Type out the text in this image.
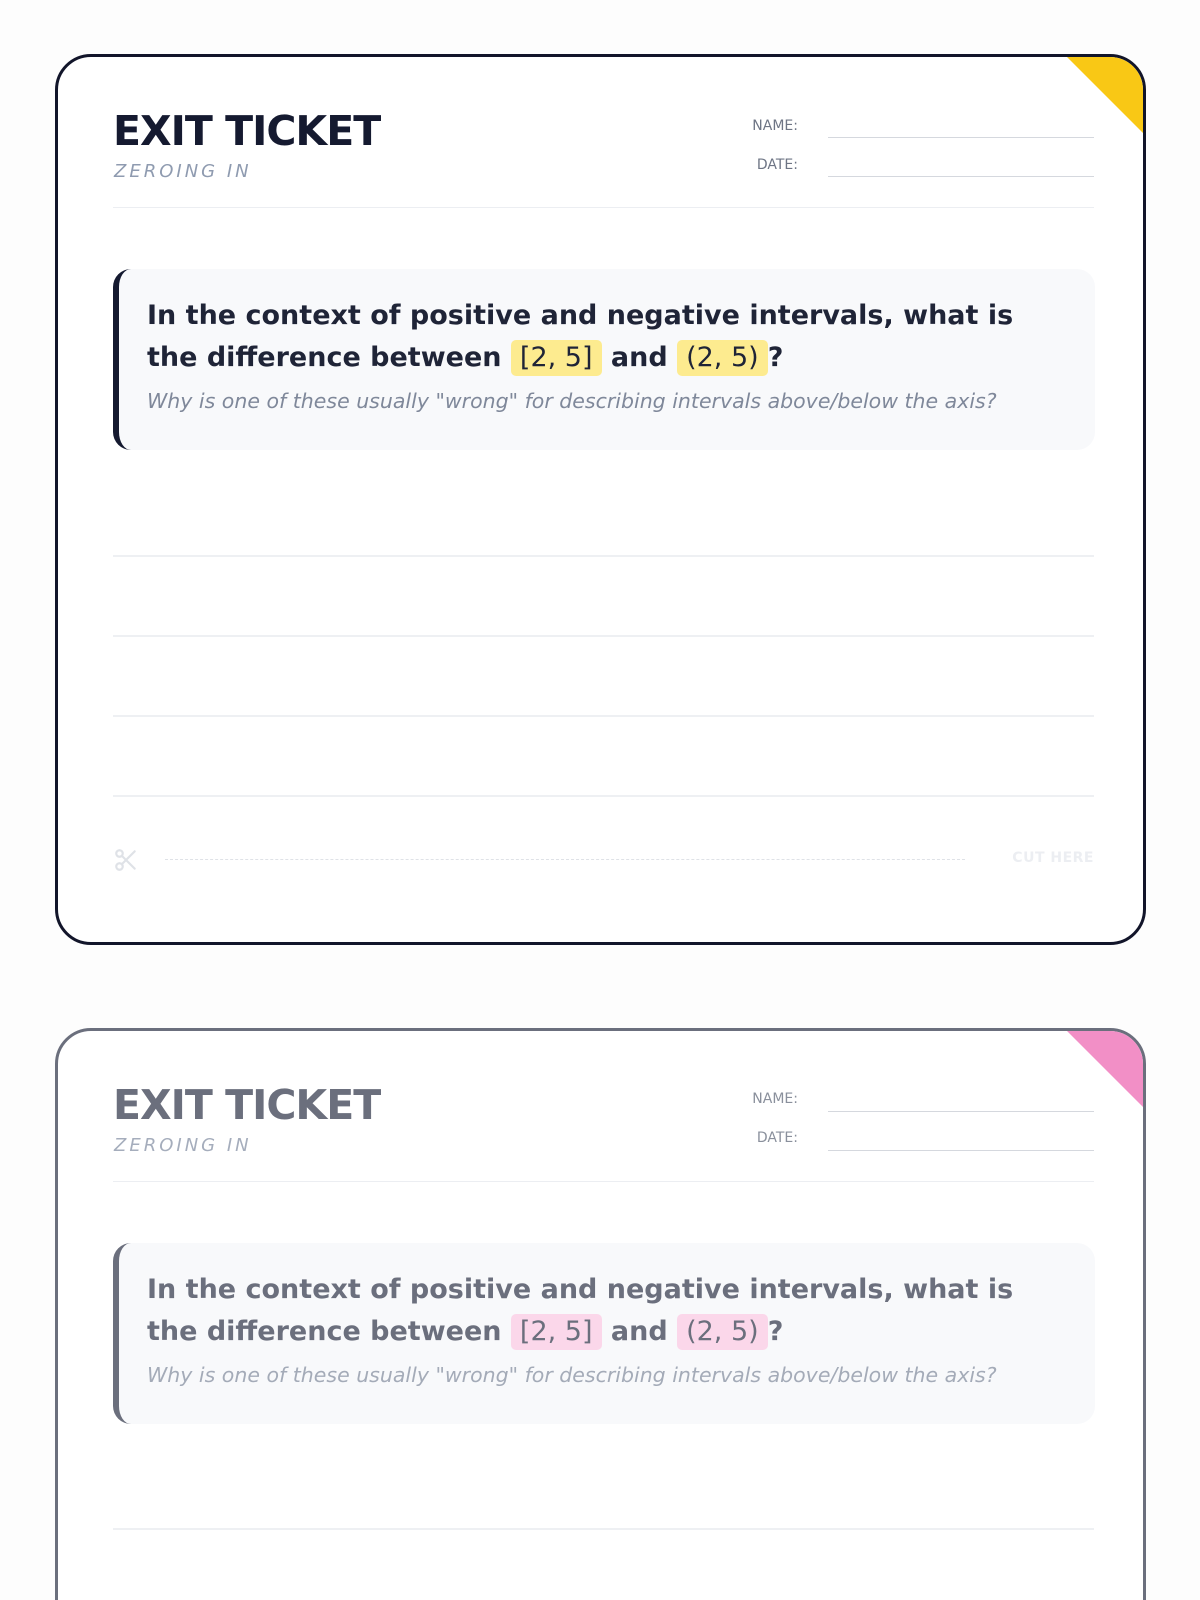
EXIT TICKET
ZEROING IN
NAME:
DATE:
In the context of positive and negative intervals, what is the difference between [2, 5] and (2, 5) ?
Why is one of these usually "wrong" for describing intervals above/below the axis?
CUT HERE
EXIT TICKET
ZEROING IN
NAME:
DATE:
In the context of positive and negative intervals, what is the difference between [2, 5] and (2, 5) ?
Why is one of these usually "wrong" for describing intervals above/below the axis?
